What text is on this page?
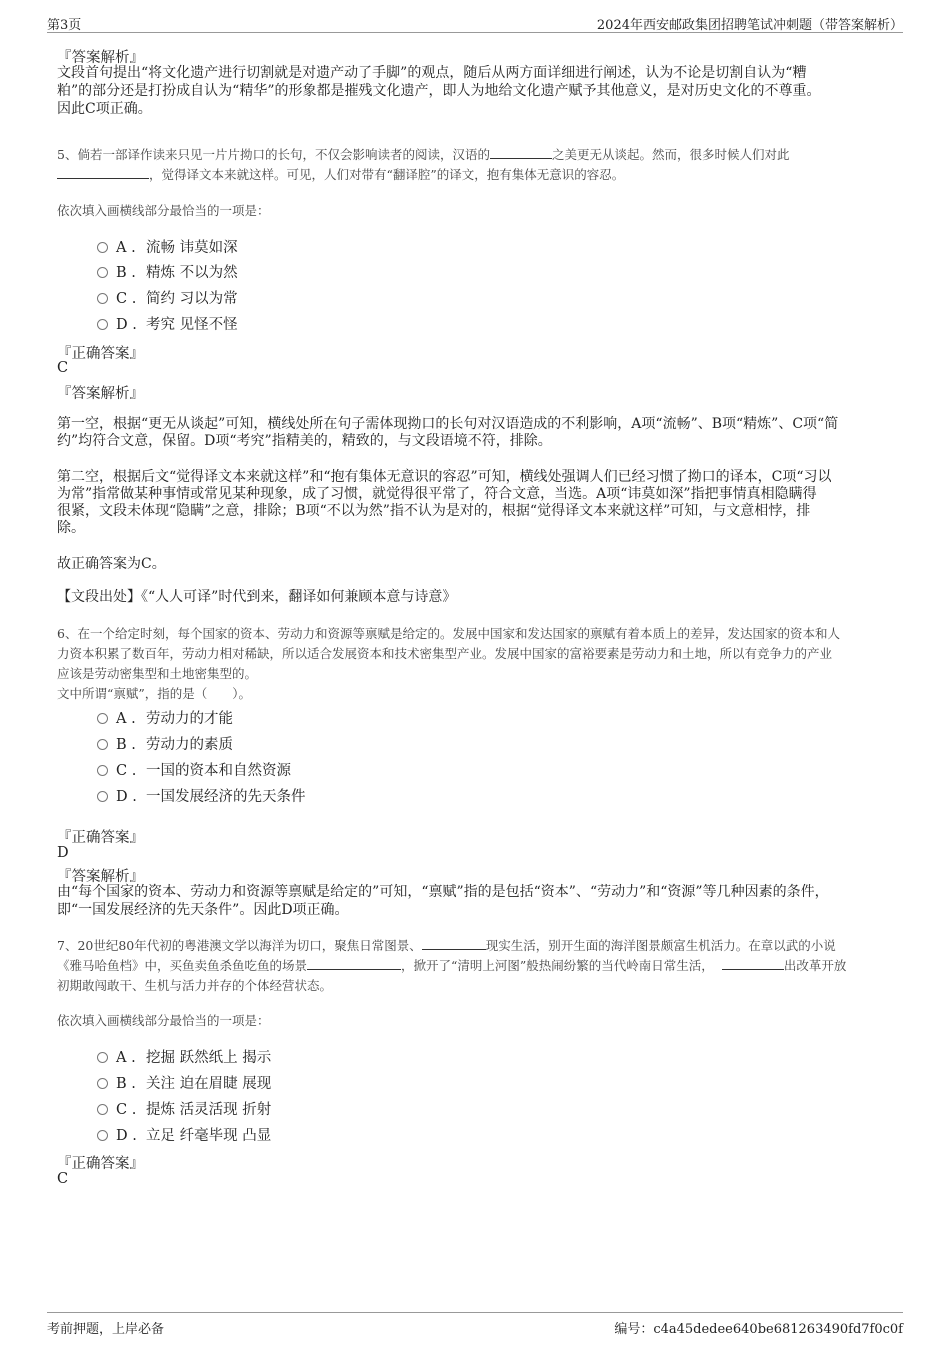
第3页	2024年西安邮政集团招聘笔试冲刺题（带答案解析）
『答案解析』
文段首句提出“将文化遗产进行切割就是对遗产动了手脚”的观点，随后从两方面详细进行阐述，认为不论是切割自认为“糟
粕”的部分还是打扮成自认为“精华”的形象都是摧残文化遗产，即人为地给文化遗产赋予其他意义，是对历史文化的不尊重。
因此C项正确。
5、倘若一部译作读来只见一片片拗口的长句，不仅会影响读者的阅读，汉语的	之美更无从谈起。然而，很多时候人们对此
，觉得译文本来就这样。可见，人们对带有“翻译腔”的译文，抱有集体无意识的容忍。
依次填入画横线部分最恰当的一项是：
A . 流畅 讳莫如深
B . 精炼 不以为然
C . 简约 习以为常
D . 考究 见怪不怪
『正确答案』
C
『答案解析』
第一空，根据“更无从谈起”可知，横线处所在句子需体现拗口的长句对汉语造成的不利影响，A项“流畅”、B项“精炼”、C项“简
约”均符合文意，保留。D项“考究”指精美的，精致的，与文段语境不符，排除。
第二空，根据后文“觉得译文本来就这样”和“抱有集体无意识的容忍”可知，横线处强调人们已经习惯了拗口的译本，C项“习以
为常”指常做某种事情或常见某种现象，成了习惯，就觉得很平常了，符合文意，当选。A项“讳莫如深”指把事情真相隐瞒得
很紧，文段未体现“隐瞒”之意，排除；B项“不以为然”指不认为是对的，根据“觉得译文本来就这样”可知，与文意相悖，排
除。
故正确答案为C。
【文段出处】《“人人可译”时代到来，翻译如何兼顾本意与诗意》
6、在一个给定时刻，每个国家的资本、劳动力和资源等禀赋是给定的。发展中国家和发达国家的禀赋有着本质上的差异，发达国家的资本和人
力资本积累了数百年，劳动力相对稀缺，所以适合发展资本和技术密集型产业。发展中国家的富裕要素是劳动力和土地，所以有竞争力的产业
应该是劳动密集型和土地密集型的。
文中所谓“禀赋”，指的是（　　）。
A . 劳动力的才能
B . 劳动力的素质
C . 一国的资本和自然资源
D . 一国发展经济的先天条件
『正确答案』
D
『答案解析』
由“每个国家的资本、劳动力和资源等禀赋是给定的”可知，“禀赋”指的是包括“资本”、“劳动力”和“资源”等几种因素的条件，
即“一国发展经济的先天条件”。因此D项正确。
7、20世纪80年代初的粤港澳文学以海洋为切口，聚焦日常图景、	现实生活，别开生面的海洋图景颇富生机活力。在章以武的小说
《雅马哈鱼档》中，买鱼卖鱼杀鱼吃鱼的场景	，掀开了“清明上河图”般热闹纷繁的当代岭南日常生活，	出改革开放
初期敢闯敢干、生机与活力并存的个体经营状态。
依次填入画横线部分最恰当的一项是：
A . 挖掘 跃然纸上 揭示
B . 关注 迫在眉睫 展现
C . 提炼 活灵活现 折射
D . 立足 纤毫毕现 凸显
『正确答案』
C
考前押题，上岸必备	编号：c4a45dedee640be681263490fd7f0c0f
